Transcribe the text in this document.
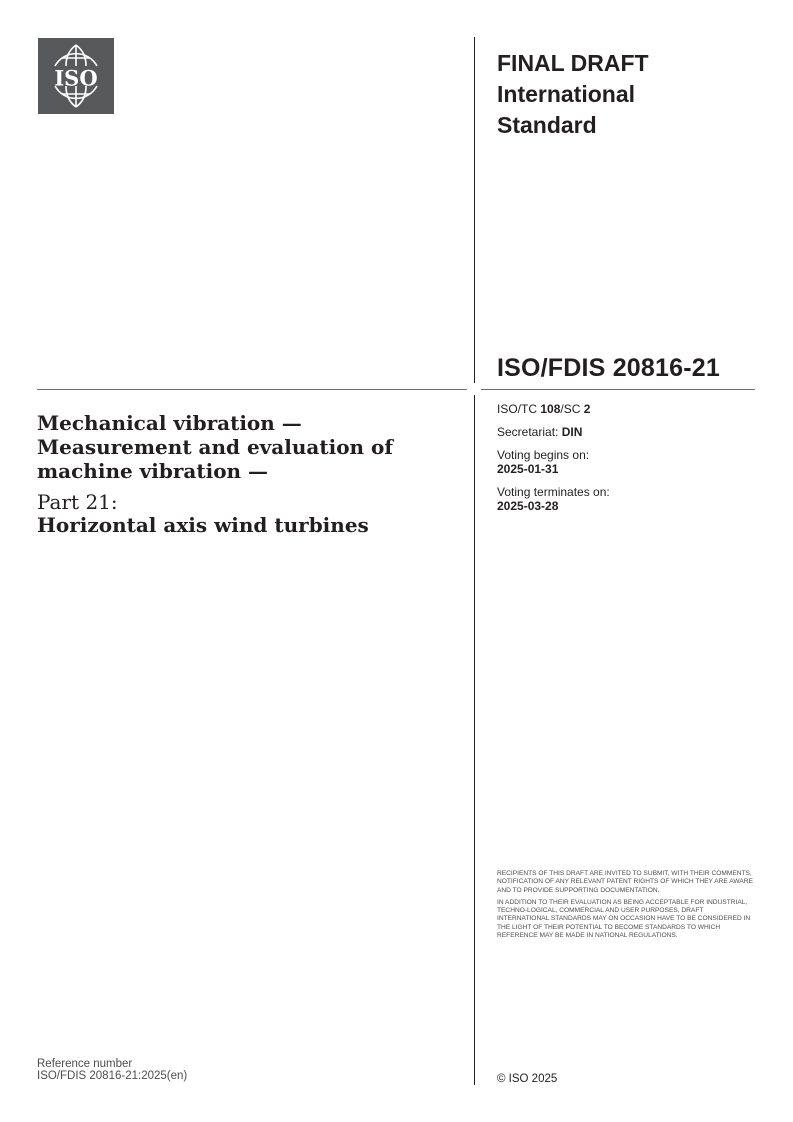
ISO
FINAL DRAFT
International
Standard
ISO/FDIS 20816-21
Mechanical vibration —
Measurement and evaluation of
machine vibration —

Part 21:

Horizontal axis wind turbines

ISO/TC 108/SC 2
Secretariat: DIN
Voting begins on:
2025-01-31
Voting terminates on:
2025-03-28

RECIPIENTS OF THIS DRAFT ARE INVITED TO SUBMIT, WITH THEIR COMMENTS, NOTIFICATION OF ANY RELEVANT PATENT RIGHTS OF WHICH THEY ARE AWARE AND TO PROVIDE SUPPORTING DOCUMENTATION.

IN ADDITION TO THEIR EVALUATION AS BEING ACCEPTABLE FOR INDUSTRIAL, TECHNO-LOGICAL, COMMERCIAL AND USER PURPOSES, DRAFT INTERNATIONAL STANDARDS MAY ON OCCASION HAVE TO BE CONSIDERED IN THE LIGHT OF THEIR POTENTIAL TO BECOME STANDARDS TO WHICH REFERENCE MAY BE MADE IN NATIONAL REGULATIONS.

Reference number
ISO/FDIS 20816-21:2025(en)	© ISO 2025
